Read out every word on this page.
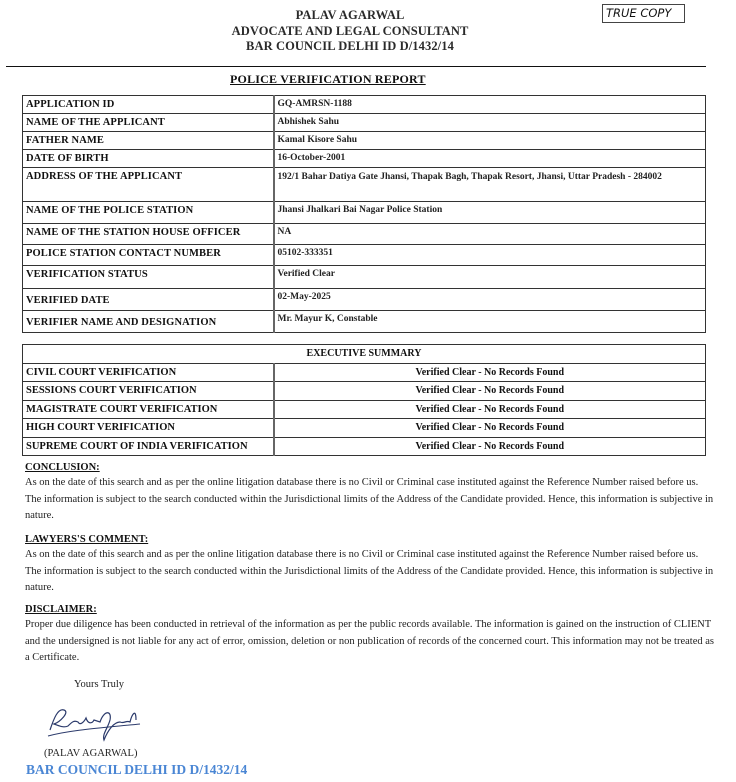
PALAV AGARWAL
ADVOCATE AND LEGAL CONSULTANT
BAR COUNCIL DELHI ID D/1432/14
TRUE COPY
POLICE VERIFICATION REPORT
APPLICATION ID	GQ-AMRSN-1188
NAME OF THE APPLICANT	Abhishek Sahu
FATHER NAME	Kamal Kisore Sahu
DATE OF BIRTH	16-October-2001
ADDRESS OF THE APPLICANT	192/1 Bahar Datiya Gate Jhansi, Thapak Bagh, Thapak Resort, Jhansi, Uttar Pradesh - 284002
NAME OF THE POLICE STATION	Jhansi Jhalkari Bai Nagar Police Station
NAME OF THE STATION HOUSE OFFICER	NA
POLICE STATION CONTACT NUMBER	05102-333351
VERIFICATION STATUS	Verified Clear
VERIFIED DATE	02-May-2025
VERIFIER NAME AND DESIGNATION	Mr. Mayur K, Constable
EXECUTIVE SUMMARY	
CIVIL COURT VERIFICATION	Verified Clear - No Records Found
SESSIONS COURT VERIFICATION	Verified Clear - No Records Found
MAGISTRATE COURT VERIFICATION	Verified Clear - No Records Found
HIGH COURT VERIFICATION	Verified Clear - No Records Found
SUPREME COURT OF INDIA VERIFICATION	Verified Clear - No Records Found
CONCLUSION:
As on the date of this search and as per the online litigation database there is no Civil or Criminal case instituted against the Reference Number raised before us. The information is subject to the search conducted within the Jurisdictional limits of the Address of the Candidate provided. Hence, this information is subjective in nature.
LAWYERS'S COMMENT:
As on the date of this search and as per the online litigation database there is no Civil or Criminal case instituted against the Reference Number raised before us. The information is subject to the search conducted within the Jurisdictional limits of the Address of the Candidate provided. Hence, this information is subjective in nature.
DISCLAIMER:
Proper due diligence has been conducted in retrieval of the information as per the public records available. The information is gained on the instruction of CLIENT and the undersigned is not liable for any act of error, omission, deletion or non publication of records of the concerned court. This information may not be treated as a Certificate.
Yours Truly
(PALAV AGARWAL)
BAR COUNCIL DELHI ID D/1432/14
